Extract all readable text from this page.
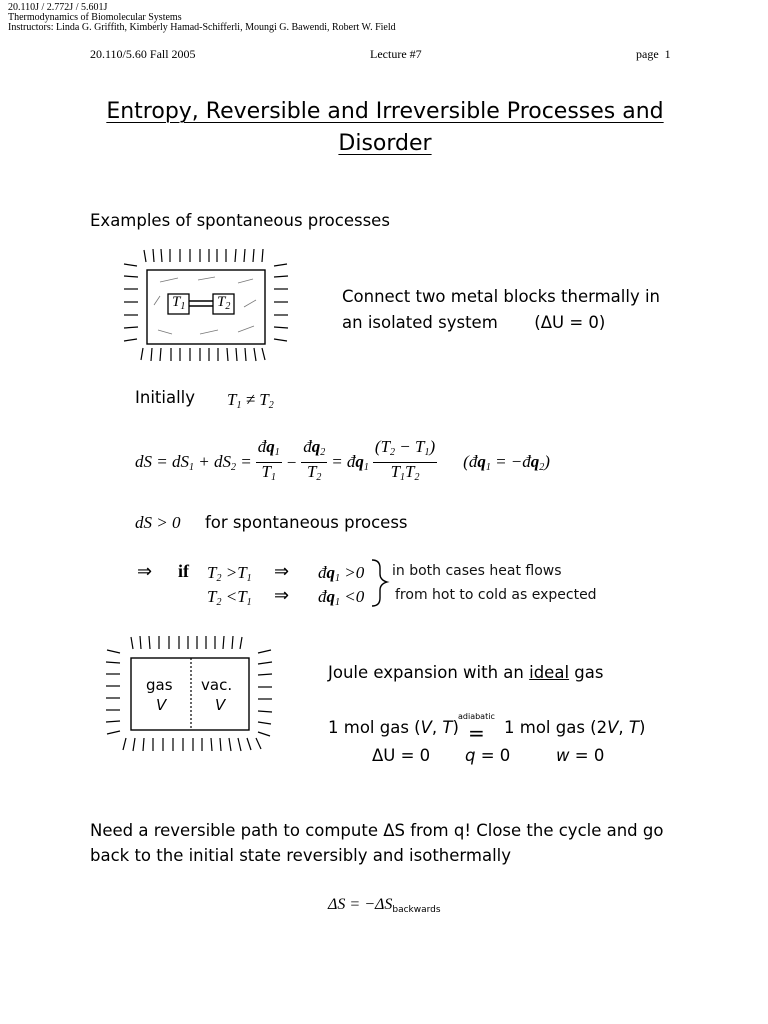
20.110J / 2.772J / 5.601J
Thermodynamics of Biomolecular Systems
Instructors: Linda G. Griffith, Kimberly Hamad-Schifferli, Moungi G. Bawendi, Robert W. Field
20.110/5.60 Fall 2005	Lecture #7	page 1
Entropy, Reversible and Irreversible Processes and
Disorder
Examples of spontaneous processes
$T_1$ $T_2$
Connect two metal blocks thermally in
an isolated system (ΔU = 0)
Initially $T_1 \ne T_2$
dS = $dS_1 + dS_2 = \frac{đq_1}{T_1} - \frac{đq_2}{T_2}$ = $đq_1 \frac{(T_2 - T_1)}{T_1T_2}$ ($đq_1$ = $-đq_2$)
dS > 0 for spontaneous process
⇒ if $T_2 >T_1$ ⇒ $đq_1 >0$
$T_2 <T_1$ ⇒ $đq_1 <0$
in both cases heat flows
from hot to cold as expected
gas
V
vac.
V
Joule expansion with an ideal gas
1 mol gas (V, T)
adiabatic
= 1 mol gas (2V, T)
ΔU = 0 q = 0	w = 0
Need a reversible path to compute ΔS from q! Close the cycle and go
back to the initial state reversibly and isothermally
$\Delta S = -\Delta S_{backwards}$
